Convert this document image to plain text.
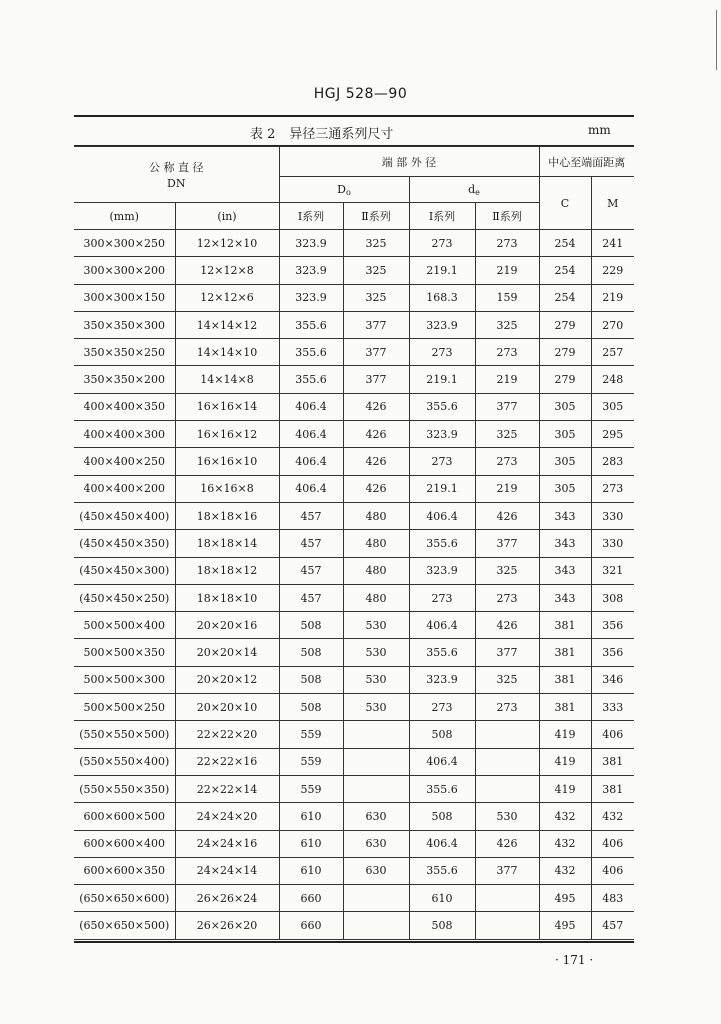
HGJ 528—90
表 2 异径三通系列尺寸	mm
公 称 直 径
DN		端 部 外 径				中心至端面距离	
		$D_o$		$d_e$		C	M
(mm)	(in)	Ⅰ系列	Ⅱ系列	Ⅰ系列	Ⅱ系列		
300×300×250	12×12×10	323.9	325	273	273	254	241
300×300×200	12×12×8	323.9	325	219.1	219	254	229
300×300×150	12×12×6	323.9	325	168.3	159	254	219
350×350×300	14×14×12	355.6	377	323.9	325	279	270
350×350×250	14×14×10	355.6	377	273	273	279	257
350×350×200	14×14×8	355.6	377	219.1	219	279	248
400×400×350	16×16×14	406.4	426	355.6	377	305	305
400×400×300	16×16×12	406.4	426	323.9	325	305	295
400×400×250	16×16×10	406.4	426	273	273	305	283
400×400×200	16×16×8	406.4	426	219.1	219	305	273
(450×450×400)	18×18×16	457	480	406.4	426	343	330
(450×450×350)	18×18×14	457	480	355.6	377	343	330
(450×450×300)	18×18×12	457	480	323.9	325	343	321
(450×450×250)	18×18×10	457	480	273	273	343	308
500×500×400	20×20×16	508	530	406.4	426	381	356
500×500×350	20×20×14	508	530	355.6	377	381	356
500×500×300	20×20×12	508	530	323.9	325	381	346
500×500×250	20×20×10	508	530	273	273	381	333
(550×550×500)	22×22×20	559		508		419	406
(550×550×400)	22×22×16	559		406.4		419	381
(550×550×350)	22×22×14	559		355.6		419	381
600×600×500	24×24×20	610	630	508	530	432	432
600×600×400	24×24×16	610	630	406.4	426	432	406
600×600×350	24×24×14	610	630	355.6	377	432	406
(650×650×600)	26×26×24	660		610		495	483
(650×650×500)	26×26×20	660		508		495	457
· 171 ·
